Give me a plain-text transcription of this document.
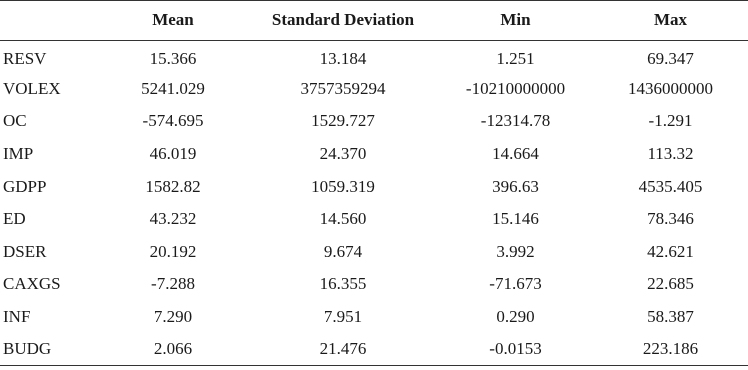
	Mean	Standard Deviation	Min	Max
RESV	15.366	13.184	1.251	69.347
VOLEX	5241.029	3757359294	-10210000000	1436000000
OC	-574.695	1529.727	-12314.78	-1.291
IMP	46.019	24.370	14.664	113.32
GDPP	1582.82	1059.319	396.63	4535.405
ED	43.232	14.560	15.146	78.346
DSER	20.192	9.674	3.992	42.621
CAXGS	-7.288	16.355	-71.673	22.685
INF	7.290	7.951	0.290	58.387
BUDG	2.066	21.476	-0.0153	223.186
